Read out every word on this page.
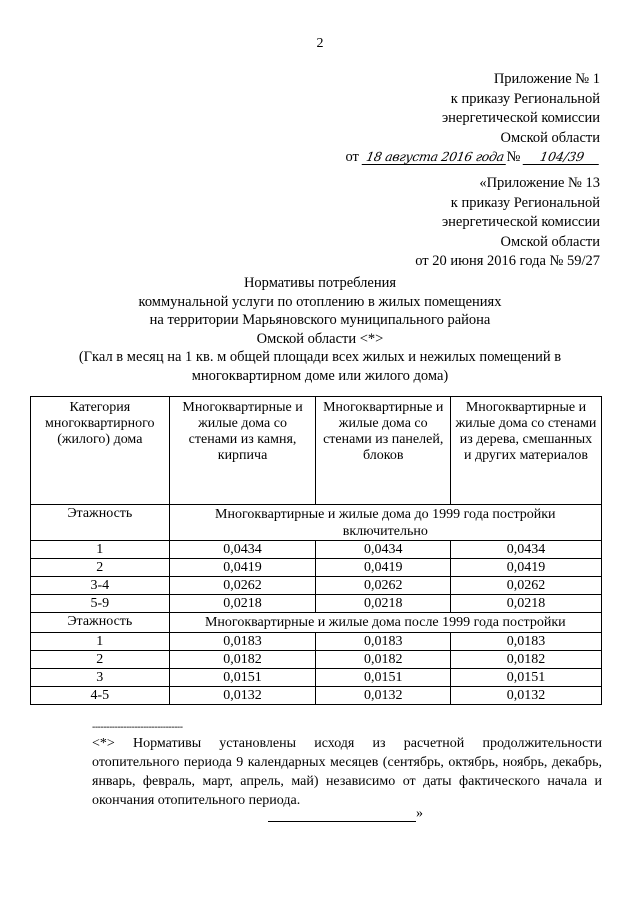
2
Приложение № 1
к приказу Региональной
энергетической комиссии
Омской области
от 18 августа 2016 года № 104/39
«Приложение № 13
к приказу Региональной
энергетической комиссии
Омской области
от 20 июня 2016 года № 59/27
Нормативы потребления
коммунальной услуги по отоплению в жилых помещениях
на территории Марьяновского муниципального района
Омской области <*>
(Гкал в месяц на 1 кв. м общей площади всех жилых и нежилых помещений в
многоквартирном доме или жилого дома)
Категория многоквартирного (жилого) дома	Многоквартирные и жилые дома со стенами из камня, кирпича	Многоквартирные и жилые дома со стенами из панелей, блоков	Многоквартирные и жилые дома со стенами из дерева, смешанных и других материалов
Этажность	Многоквартирные и жилые дома до 1999 года постройки включительно		
1	0,0434	0,0434	0,0434
2	0,0419	0,0419	0,0419
3-4	0,0262	0,0262	0,0262
5-9	0,0218	0,0218	0,0218
Этажность	Многоквартирные и жилые дома после 1999 года постройки		
1	0,0183	0,0183	0,0183
2	0,0182	0,0182	0,0182
3	0,0151	0,0151	0,0151
4-5	0,0132	0,0132	0,0132
--------------------------------
<*> Нормативы установлены исходя из расчетной продолжительности отопительного периода 9 календарных месяцев (сентябрь, октябрь, ноябрь, декабрь, январь, февраль, март, апрель, май) независимо от даты фактического начала и окончания отопительного периода.
»
